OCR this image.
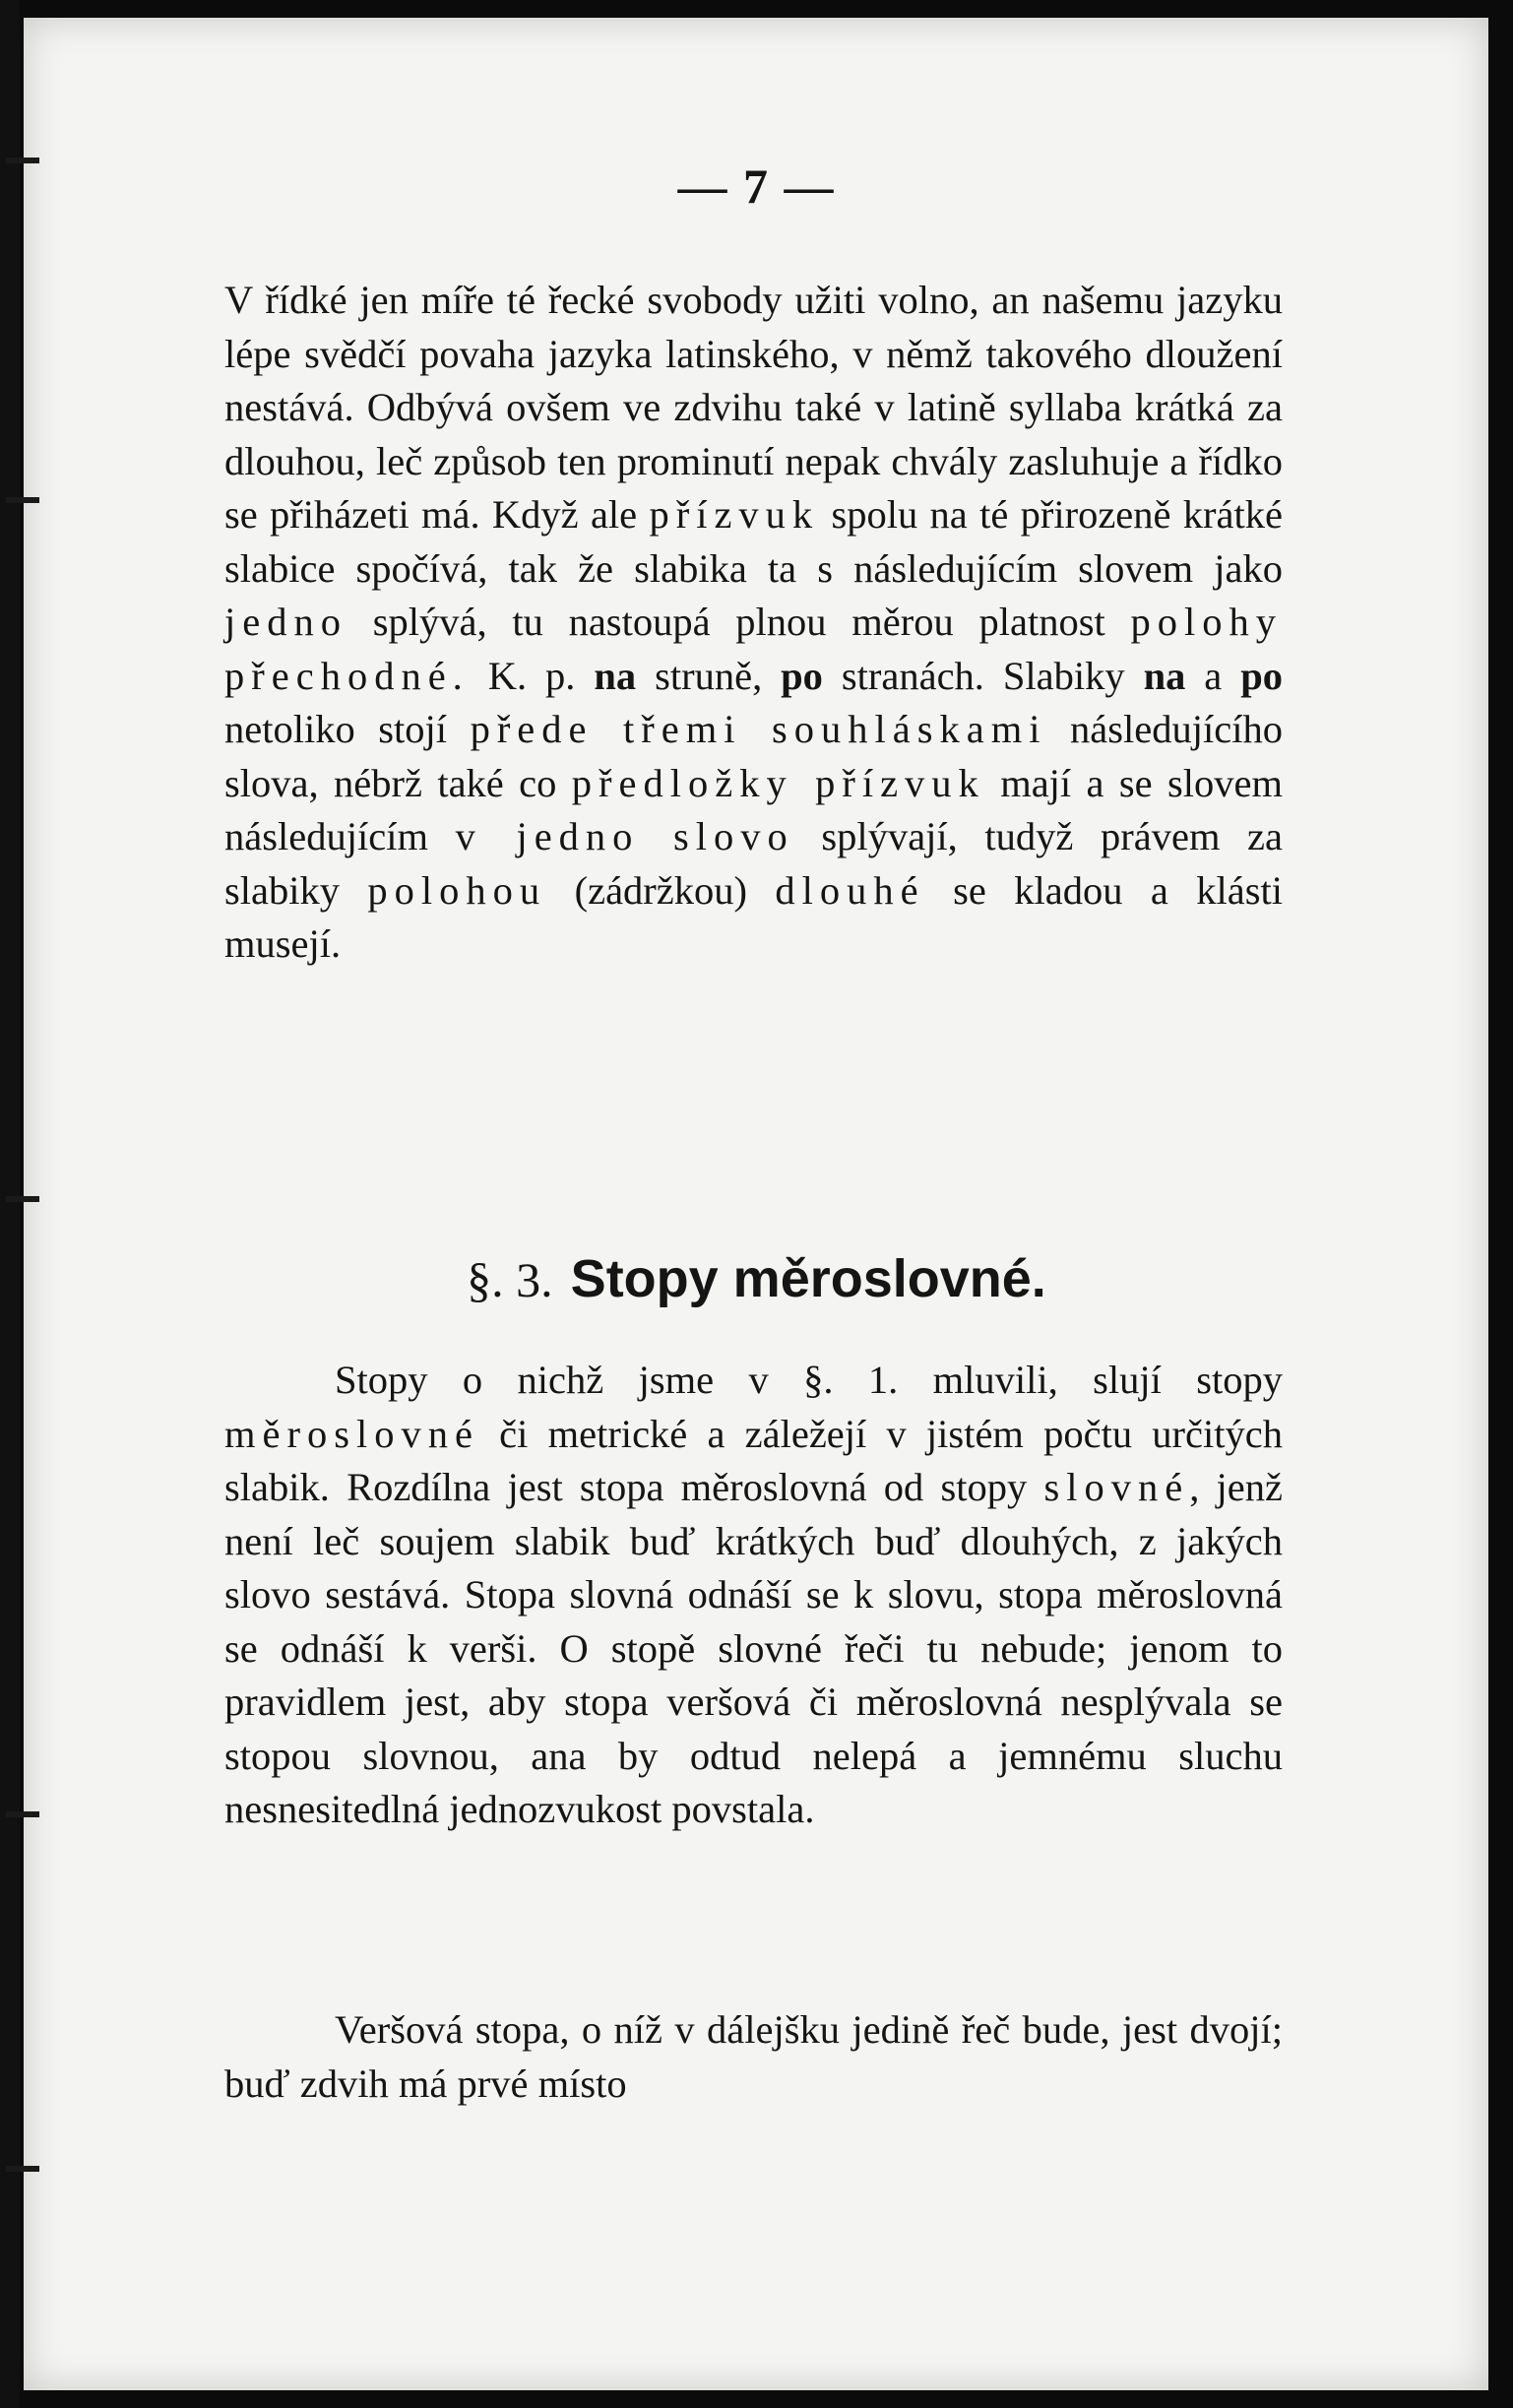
— 7 —
V řídké jen míře té řecké svobody užiti volno, an našemu jazyku lépe svědčí povaha jazyka latinského, v němž takového dloužení nestává. Odbývá ovšem ve zdvihu také v latině syllaba krátká za dlouhou, leč způsob ten prominutí nepak chvály zasluhuje a řídko se přiházeti má. Když ale přízvuk spolu na té přirozeně krátké slabice spočívá, tak že slabika ta s následujícím slovem jako jedno splývá, tu nastoupá plnou měrou platnost polohy přechodné. K. p. na struně, po stranách. Slabiky na a po netoliko stojí přede třemi souhláskami následujícího slova, nébrž také co předložky přízvuk mají a se slovem následujícím v jedno slovo splývají, tudyž právem za slabiky polohou (zádržkou) dlouhé se kladou a klásti musejí.
§. 3. Stopy měroslovné.
Stopy o nichž jsme v §. 1. mluvili, slují stopy měroslovné či metrické a záležejí v jistém počtu určitých slabik. Rozdílna jest stopa měroslovná od stopy slovné, jenž není leč soujem slabik buď krátkých buď dlouhých, z jakých slovo sestává. Stopa slovná odnáší se k slovu, stopa měroslovná se odnáší k verši. O stopě slovné řeči tu nebude; jenom to pravidlem jest, aby stopa veršová či měroslovná nesplývala se stopou slovnou, ana by odtud nelepá a jemnému sluchu nesnesitedlná jednozvukost povstala.
Veršová stopa, o níž v dálejšku jedině řeč bude, jest dvojí; buď zdvih má prvé místo
